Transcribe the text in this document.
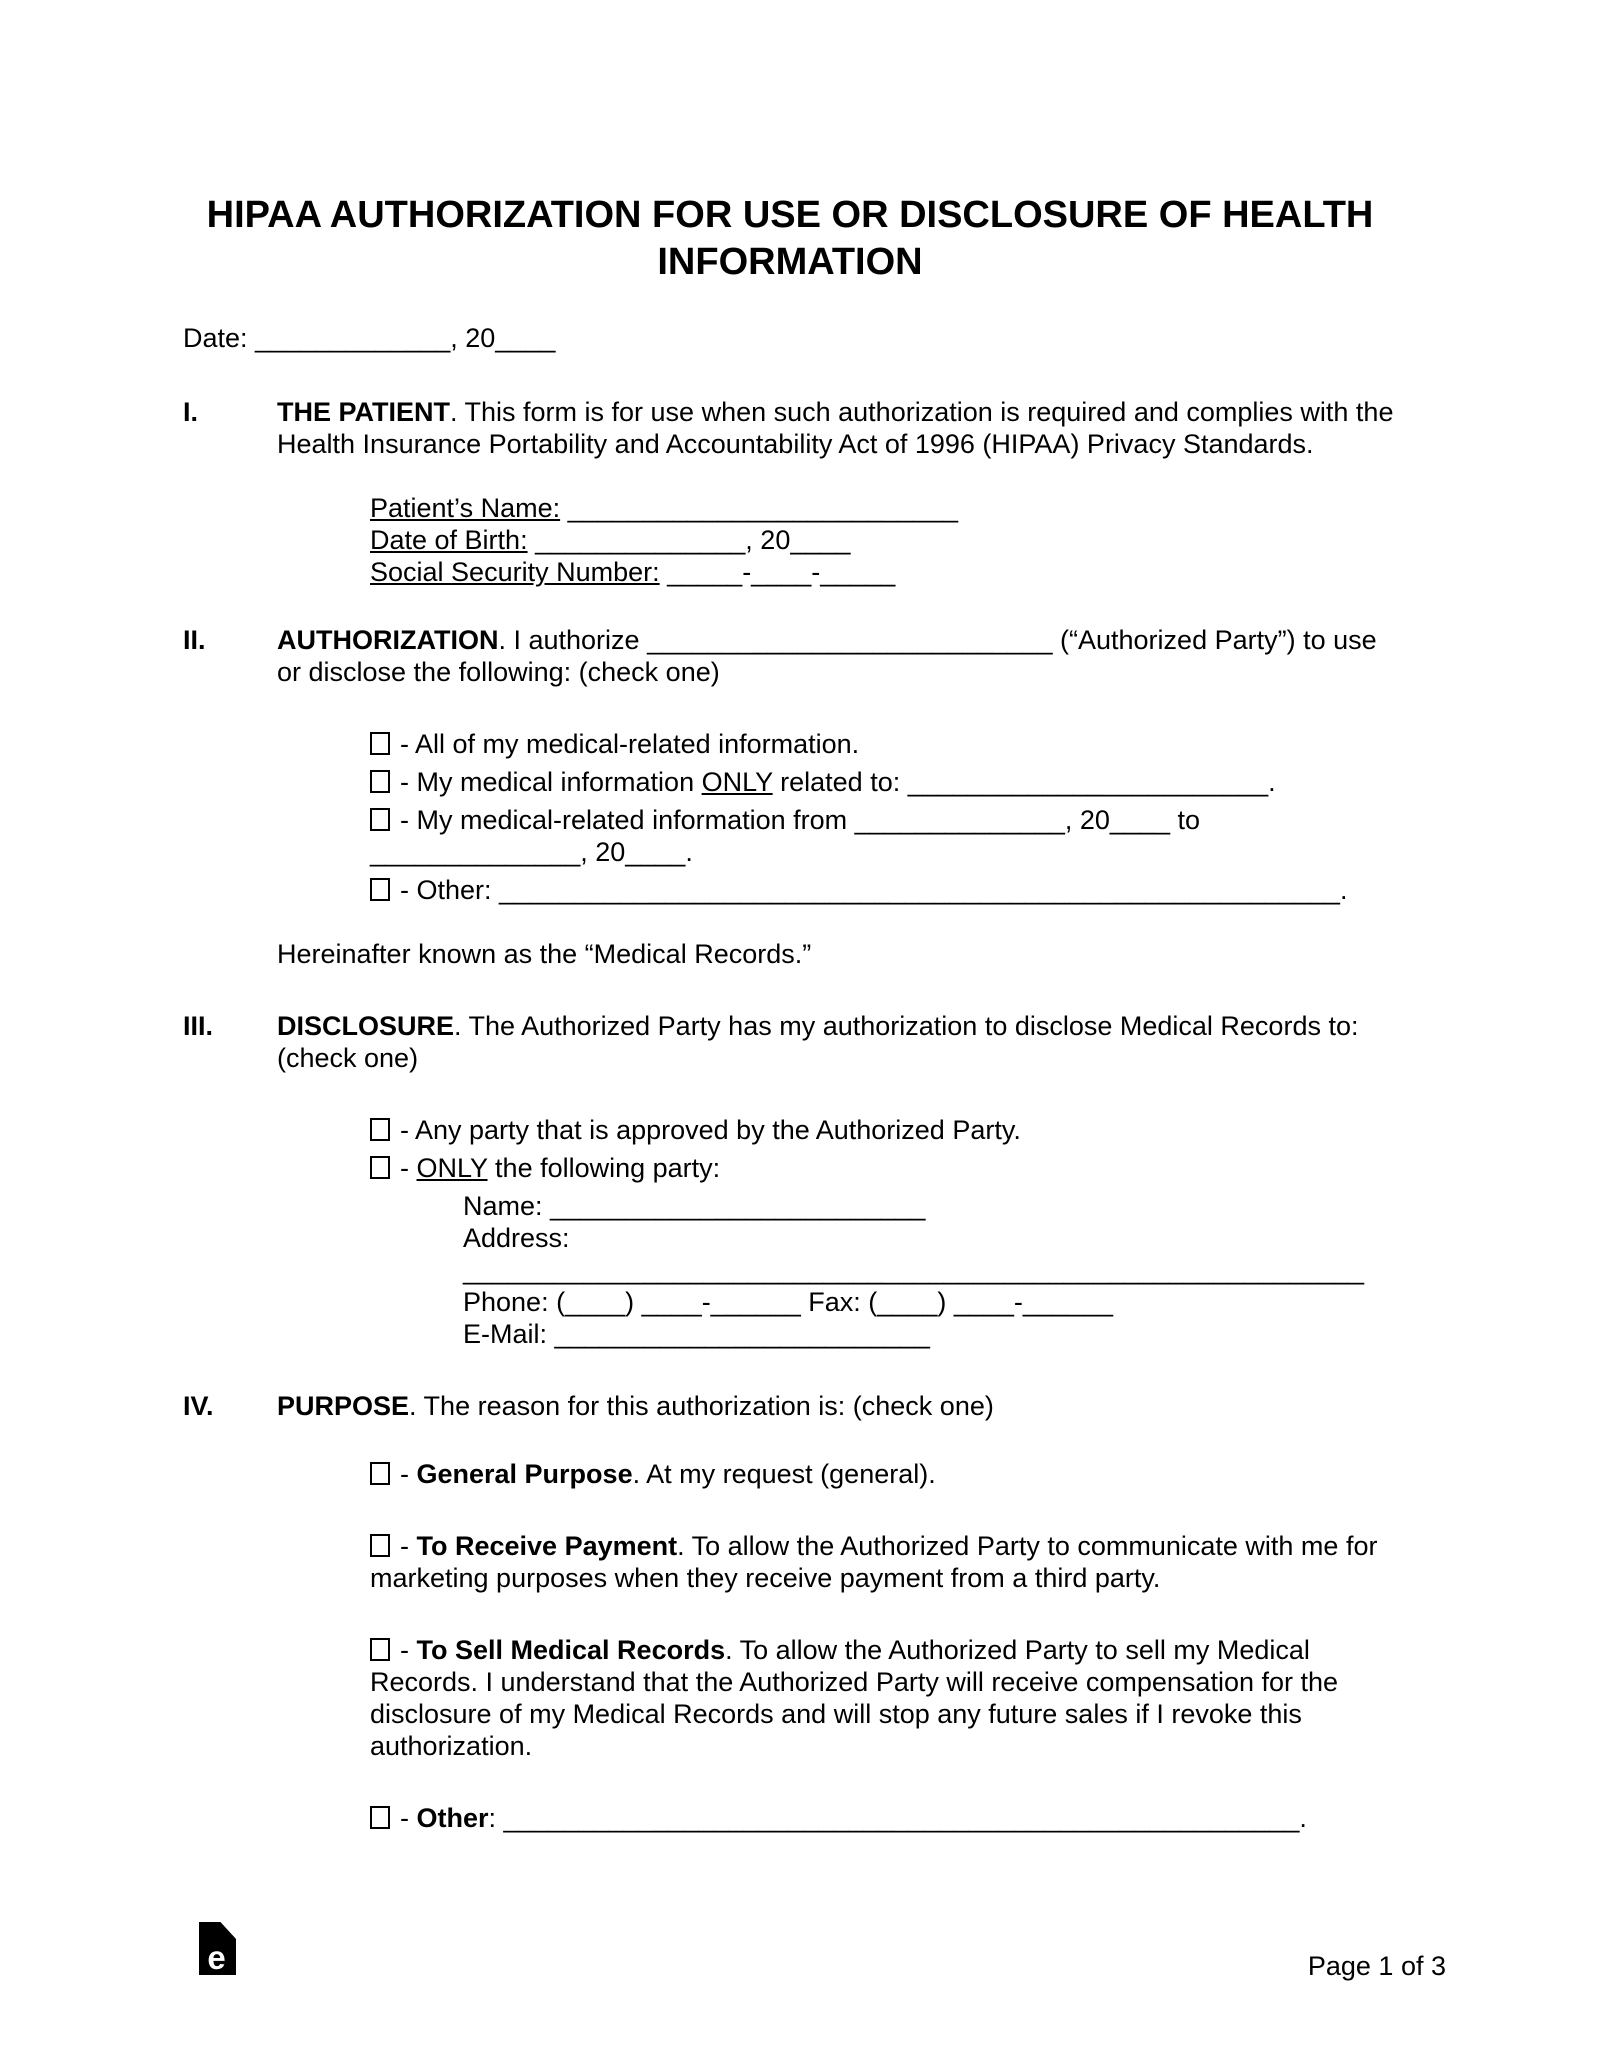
HIPAA AUTHORIZATION FOR USE OR DISCLOSURE OF HEALTH INFORMATION

Date: _____________, 20____

I.	THE PATIENT. This form is for use when such authorization is required and complies with the Health Insurance Portability and Accountability Act of 1996 (HIPAA) Privacy Standards.

Patient’s Name: __________________________

Date of Birth: ______________, 20____

Social Security Number: _____-____-_____

II.	AUTHORIZATION. I authorize ___________________________ (“Authorized Party”) to use or disclose the following: (check one)

- All of my medical-related information.

- My medical information ONLY related to: ________________________.

- My medical-related information from ______________, 20____ to ______________, 20____.

- Other: ________________________________________________________.

Hereinafter known as the “Medical Records.”

III.	DISCLOSURE. The Authorized Party has my authorization to disclose Medical Records to: (check one)

- Any party that is approved by the Authorized Party.

- ONLY the following party:

Name: _________________________

Address: ____________________________________________________________

Phone: (____) ____-______ Fax: (____) ____-______

E-Mail: _________________________

IV.	PURPOSE. The reason for this authorization is: (check one)

- General Purpose. At my request (general).

- To Receive Payment. To allow the Authorized Party to communicate with me for marketing purposes when they receive payment from a third party.

- To Sell Medical Records. To allow the Authorized Party to sell my Medical Records. I understand that the Authorized Party will receive compensation for the disclosure of my Medical Records and will stop any future sales if I revoke this authorization.

- Other: _____________________________________________________.

e	Page 1 of 3
